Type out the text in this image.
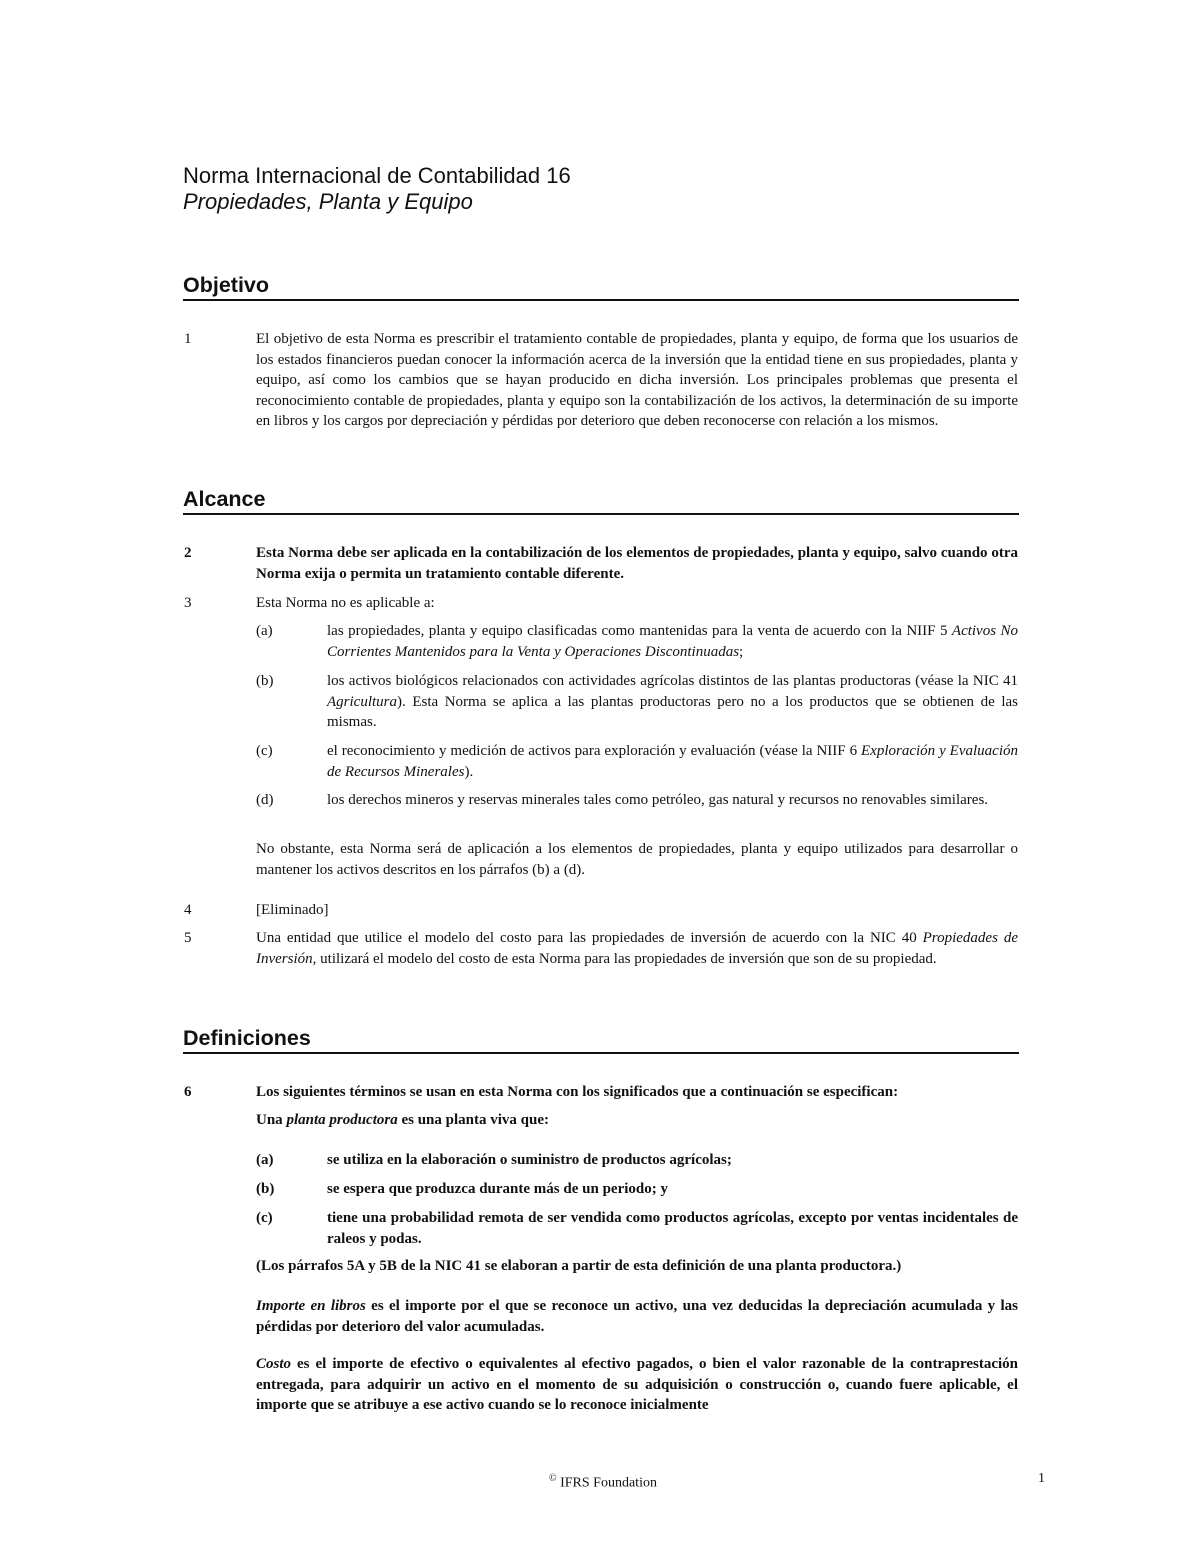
Norma Internacional de Contabilidad 16
Propiedades, Planta y Equipo
Objetivo
1	El objetivo de esta Norma es prescribir el tratamiento contable de propiedades, planta y equipo, de forma que los usuarios de los estados financieros puedan conocer la información acerca de la inversión que la entidad tiene en sus propiedades, planta y equipo, así como los cambios que se hayan producido en dicha inversión. Los principales problemas que presenta el reconocimiento contable de propiedades, planta y equipo son la contabilización de los activos, la determinación de su importe en libros y los cargos por depreciación y pérdidas por deterioro que deben reconocerse con relación a los mismos.
Alcance
2	Esta Norma debe ser aplicada en la contabilización de los elementos de propiedades, planta y equipo, salvo cuando otra Norma exija o permita un tratamiento contable diferente.
3	Esta Norma no es aplicable a:
(a)	las propiedades, planta y equipo clasificadas como mantenidas para la venta de acuerdo con la NIIF 5 Activos No Corrientes Mantenidos para la Venta y Operaciones Discontinuadas;
(b)	los activos biológicos relacionados con actividades agrícolas distintos de las plantas productoras (véase la NIC 41 Agricultura). Esta Norma se aplica a las plantas productoras pero no a los productos que se obtienen de las mismas.
(c)	el reconocimiento y medición de activos para exploración y evaluación (véase la NIIF 6 Exploración y Evaluación de Recursos Minerales).
(d)	los derechos mineros y reservas minerales tales como petróleo, gas natural y recursos no renovables similares.
No obstante, esta Norma será de aplicación a los elementos de propiedades, planta y equipo utilizados para desarrollar o mantener los activos descritos en los párrafos (b) a (d).
4	[Eliminado]
5	Una entidad que utilice el modelo del costo para las propiedades de inversión de acuerdo con la NIC 40 Propiedades de Inversión, utilizará el modelo del costo de esta Norma para las propiedades de inversión que son de su propiedad.
Definiciones
6	Los siguientes términos se usan en esta Norma con los significados que a continuación se especifican:
Una planta productora es una planta viva que:
(a)	se utiliza en la elaboración o suministro de productos agrícolas;
(b)	se espera que produzca durante más de un periodo; y
(c)	tiene una probabilidad remota de ser vendida como productos agrícolas, excepto por ventas incidentales de raleos y podas.
(Los párrafos 5A y 5B de la NIC 41 se elaboran a partir de esta definición de una planta productora.)
Importe en libros es el importe por el que se reconoce un activo, una vez deducidas la depreciación acumulada y las pérdidas por deterioro del valor acumuladas.
Costo es el importe de efectivo o equivalentes al efectivo pagados, o bien el valor razonable de la contraprestación entregada, para adquirir un activo en el momento de su adquisición o construcción o, cuando fuere aplicable, el importe que se atribuye a ese activo cuando se lo reconoce inicialmente
© IFRS Foundation	1
